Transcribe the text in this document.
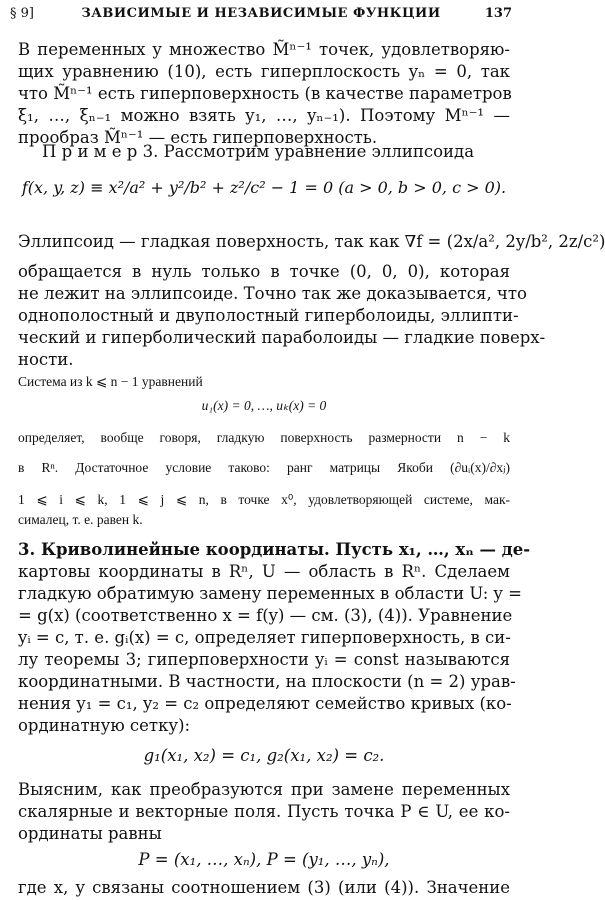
§ 9]	ЗАВИСИМЫЕ И НЕЗАВИСИМЫЕ ФУНКЦИИ	137
В переменных y множество M̃ⁿ⁻¹ точек, удовлетворяю-
щих уравнению (10), есть гиперплоскость yₙ = 0, так
что M̃ⁿ⁻¹ есть гиперповерхность (в качестве параметров
ξ₁, …, ξₙ₋₁ можно взять y₁, …, yₙ₋₁). Поэтому Mⁿ⁻¹ —
прообраз M̃ⁿ⁻¹ — есть гиперповерхность.
П р и м е р 3. Рассмотрим уравнение эллипсоида
f(x, y, z) ≡ x²/a² + y²/b² + z²/c² − 1 = 0 (a > 0, b > 0, c > 0).
Эллипсоид — гладкая поверхность, так как ∇f = (2x/a², 2y/b², 2z/c²)
обращается в нуль только в точке (0, 0, 0), которая
не лежит на эллипсоиде. Точно так же доказывается, что
однополостный и двуполостный гиперболоиды, эллипти-
ческий и гиперболический параболоиды — гладкие поверх-
ности.
Система из k ⩽ n − 1 уравнений
u₁(x) = 0, …, uₖ(x) = 0
определяет, вообще говоря, гладкую поверхность размерности n − k
в Rⁿ. Достаточное условие таково: ранг матрицы Якоби (∂uᵢ(x)/∂xⱼ)
1 ⩽ i ⩽ k, 1 ⩽ j ⩽ n, в точке x⁰, удовлетворяющей системе, мак-
сималец, т. е. равен k.
3. Криволинейные координаты. Пусть x₁, …, xₙ — де-
картовы координаты в Rⁿ, U — область в Rⁿ. Сделаем
гладкую обратимую замену переменных в области U: y =
= g(x) (соответственно x = f(y) — см. (3), (4)). Уравнение
yᵢ = c, т. е. gᵢ(x) = c, определяет гиперповерхность, в си-
лу теоремы 3; гиперповерхности yᵢ = const называются
координатными. В частности, на плоскости (n = 2) урав-
нения y₁ = c₁, y₂ = c₂ определяют семейство кривых (ко-
ординатную сетку):
g₁(x₁, x₂) = c₁, g₂(x₁, x₂) = c₂.
Выясним, как преобразуются при замене переменных
скалярные и векторные поля. Пусть точка P ∈ U, ее ко-
ординаты равны
P = (x₁, …, xₙ), P = (y₁, …, yₙ),
где x, y связаны соотношением (3) (или (4)). Значение
